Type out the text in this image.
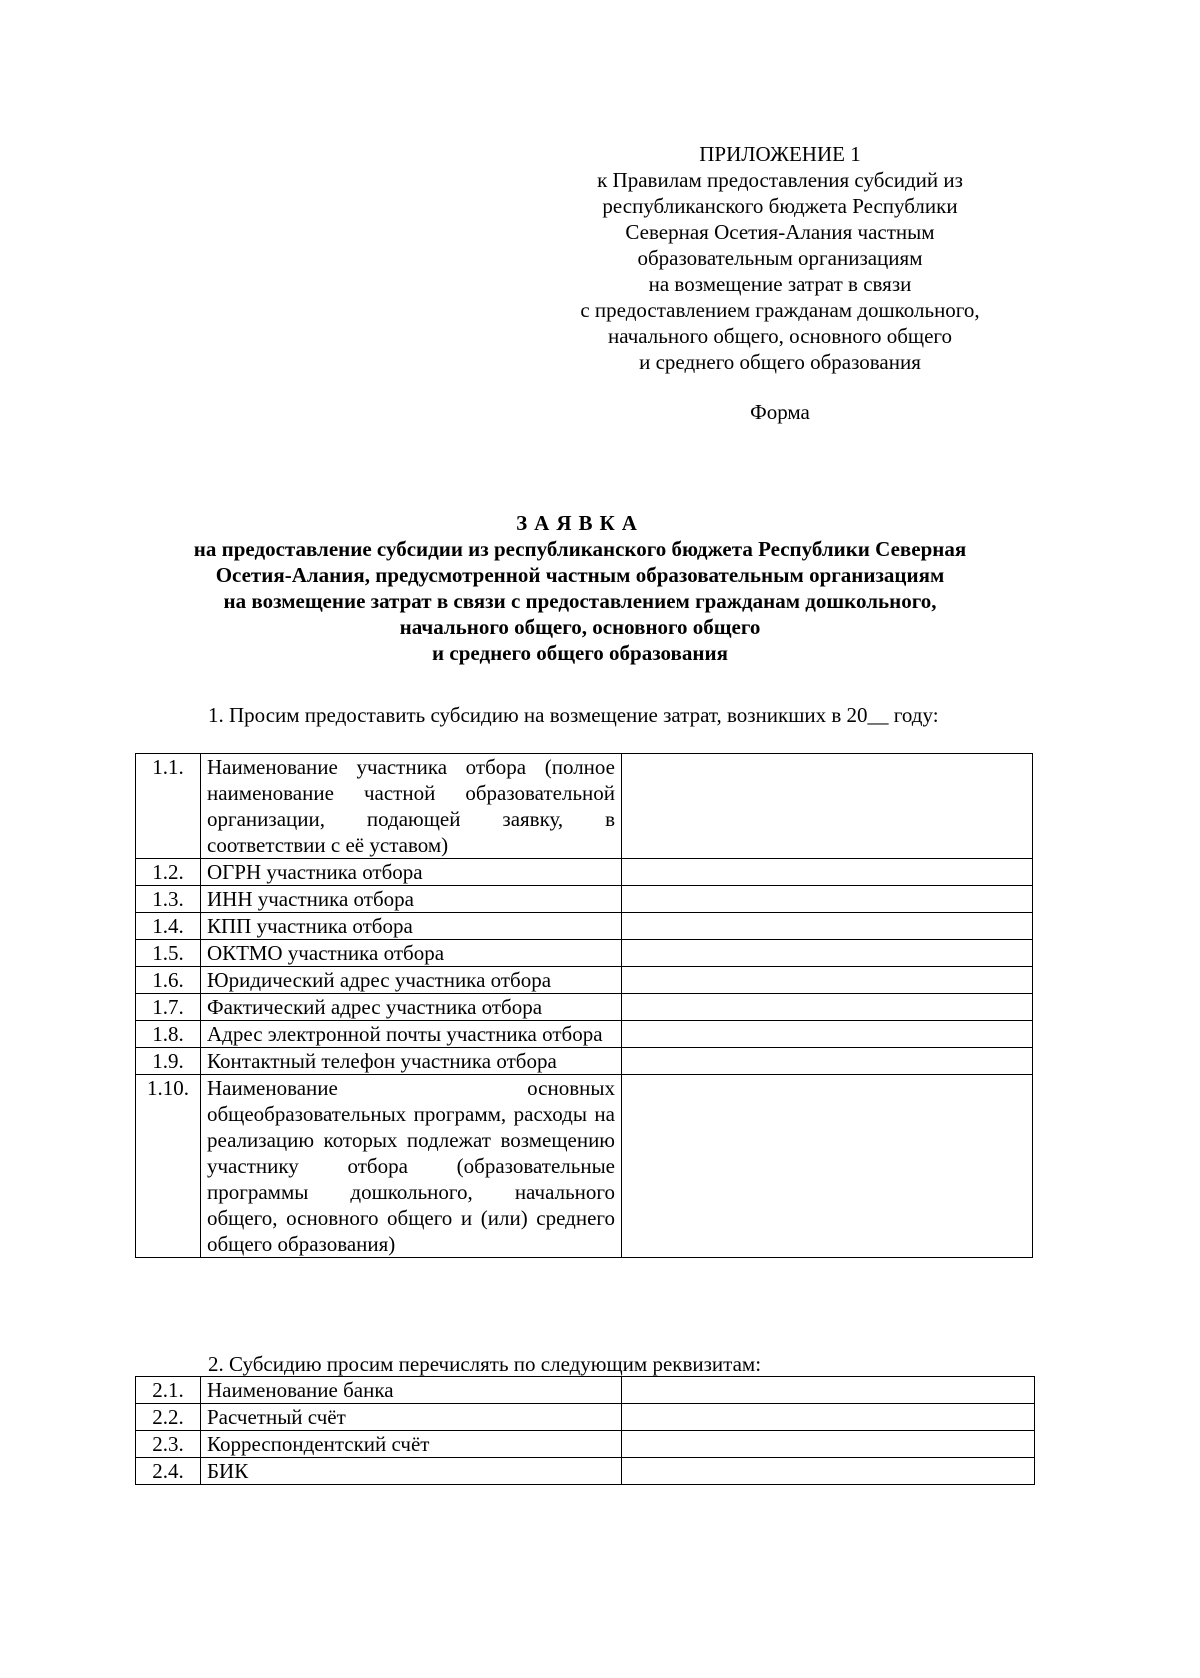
ПРИЛОЖЕНИЕ 1
к Правилам предоставления субсидий из
республиканского бюджета Республики
Северная Осетия-Алания частным
образовательным организациям
на возмещение затрат в связи
с предоставлением гражданам дошкольного,
начального общего, основного общего
и среднего общего образования
Форма
ЗАЯВКА
на предоставление субсидии из республиканского бюджета Республики Северная
Осетия-Алания, предусмотренной частным образовательным организациям
на возмещение затрат в связи с предоставлением гражданам дошкольного,
начального общего, основного общего
и среднего общего образования
1. Просим предоставить субсидию на возмещение затрат, возникших в 20__ году:
1.1.	Наименование участника отбора (полное наименование частной образовательной организации, подающей заявку, в соответствии с её уставом)	
1.2.	ОГРН участника отбора	
1.3.	ИНН участника отбора	
1.4.	КПП участника отбора	
1.5.	ОКТМО участника отбора	
1.6.	Юридический адрес участника отбора	
1.7.	Фактический адрес участника отбора	
1.8.	Адрес электронной почты участника отбора	
1.9.	Контактный телефон участника отбора	
1.10.	Наименование основных общеобразовательных программ, расходы на реализацию которых подлежат возмещению участнику отбора (образовательные программы дошкольного, начального общего, основного общего и (или) среднего общего образования)	
2. Субсидию просим перечислять по следующим реквизитам:
2.1.	Наименование банка	
2.2.	Расчетный счёт	
2.3.	Корреспондентский счёт	
2.4.	БИК	
